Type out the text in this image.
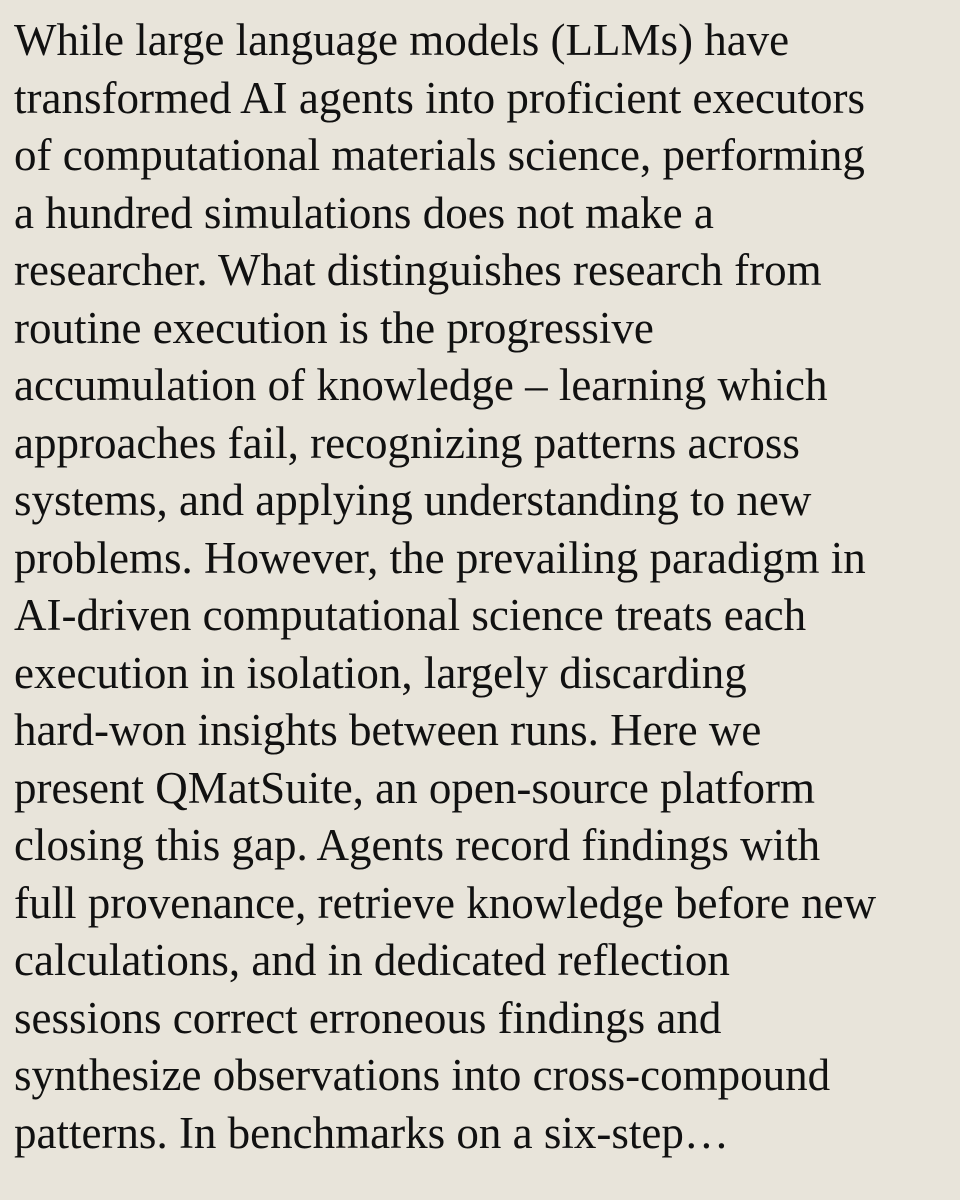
While large language models (LLMs) have
transformed AI agents into proficient executors
of computational materials science, performing
a hundred simulations does not make a
researcher. What distinguishes research from
routine execution is the progressive
accumulation of knowledge – learning which
approaches fail, recognizing patterns across
systems, and applying understanding to new
problems. However, the prevailing paradigm in
AI-driven computational science treats each
execution in isolation, largely discarding
hard-won insights between runs. Here we
present QMatSuite, an open-source platform
closing this gap. Agents record findings with
full provenance, retrieve knowledge before new
calculations, and in dedicated reflection
sessions correct erroneous findings and
synthesize observations into cross-compound
patterns. In benchmarks on a six-step…
